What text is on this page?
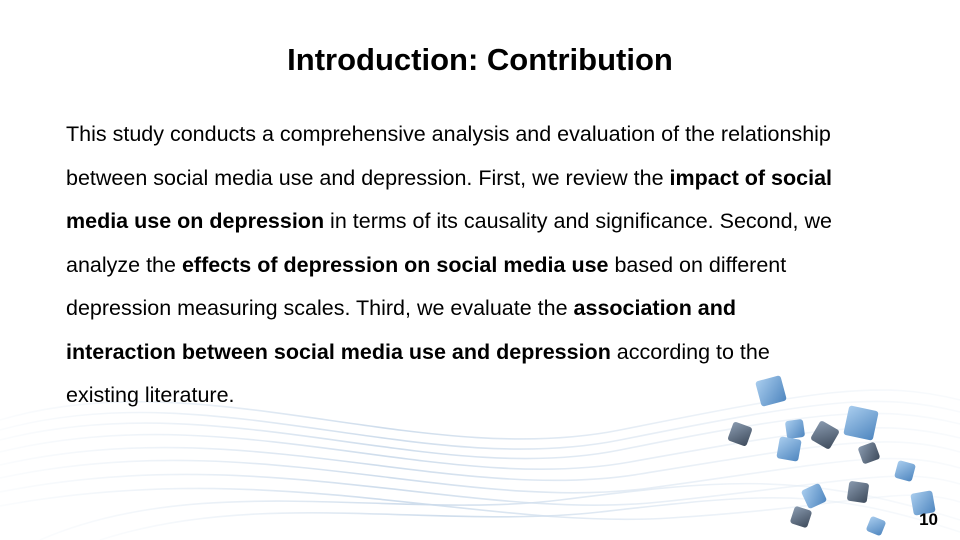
Introduction: Contribution

This study conducts a comprehensive analysis and evaluation of the relationship
between social media use and depression. First, we review the impact of social
media use on depression in terms of its causality and significance. Second, we
analyze the effects of depression on social media use based on different
depression measuring scales. Third, we evaluate the association and
interaction between social media use and depression according to the
existing literature.

10
